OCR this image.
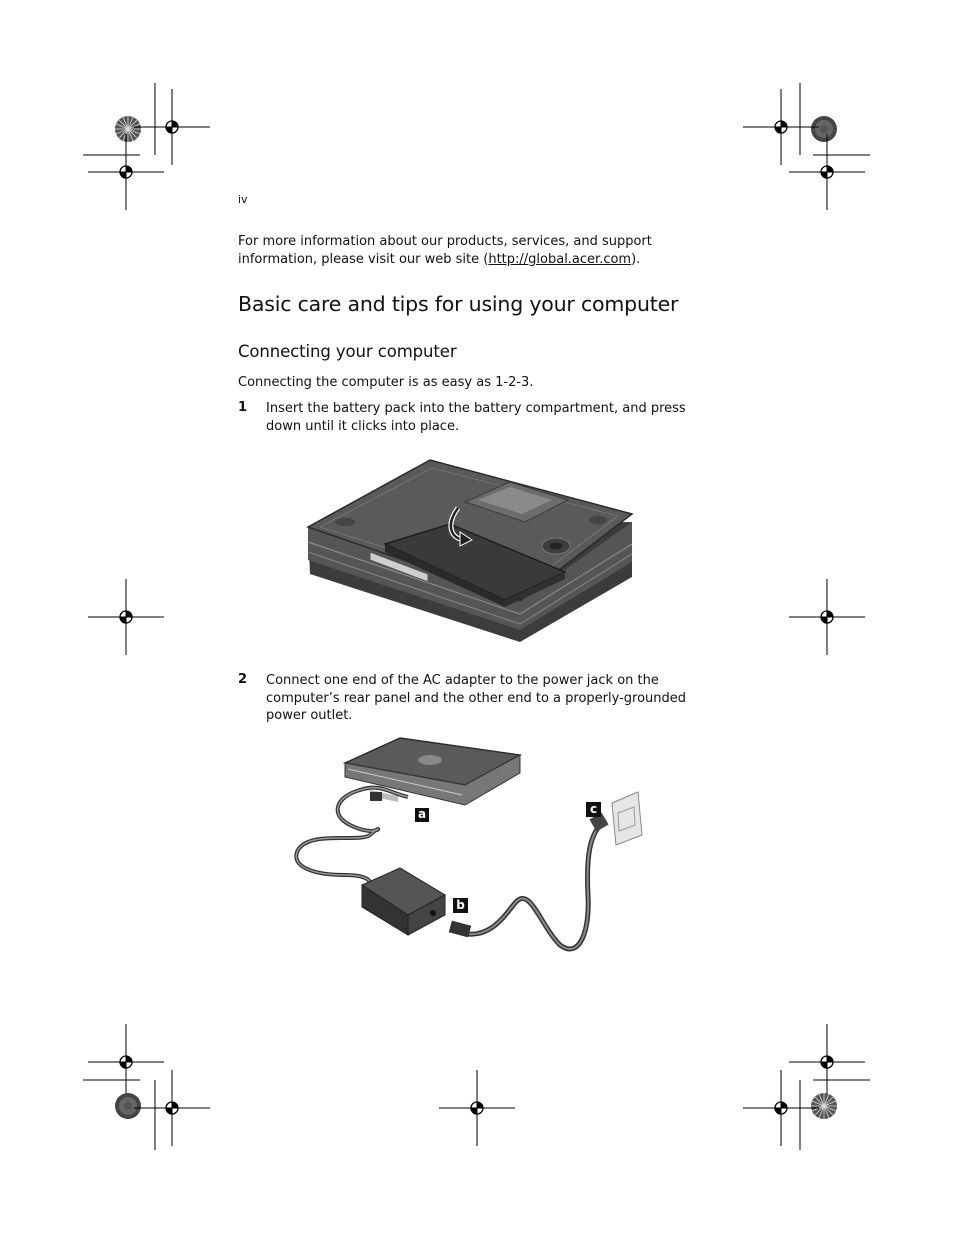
iv
For more information about our products, services, and support
information, please visit our web site (http://global.acer.com).
Basic care and tips for using your computer
Connecting your computer
Connecting the computer is as easy as 1-2-3.
1 Insert the battery pack into the battery compartment, and press down until it clicks into place.
2 Connect one end of the AC adapter to the power jack on the computer’s rear panel and the other end to a properly-grounded power outlet.
a
b
c
